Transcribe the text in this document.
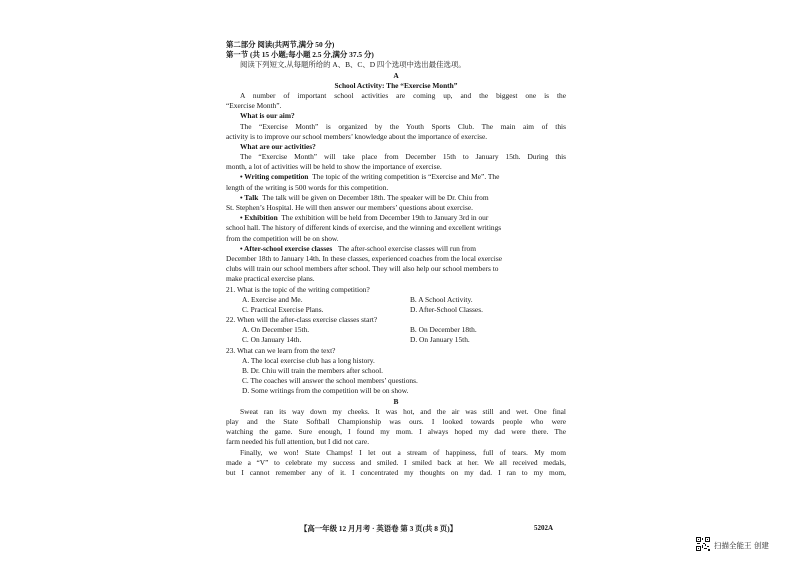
第二部分 阅读(共两节,满分 50 分)
第一节 (共 15 小题;每小题 2.5 分,满分 37.5 分)
阅读下列短文,从每题所给的 A、B、C、D 四个选项中选出最佳选项。
A
School Activity: The “Exercise Month”
A number of important school activities are coming up, and the biggest one is the
“Exercise Month”.
What is our aim?
The “Exercise Month” is organized by the Youth Sports Club. The main aim of this
activity is to improve our school members’ knowledge about the importance of exercise.
What are our activities?
The “Exercise Month” will take place from December 15th to January 15th. During this
month, a lot of activities will be held to show the importance of exercise.
• Writing competition The topic of the writing competition is “Exercise and Me”. The
length of the writing is 500 words for this competition.
• Talk The talk will be given on December 18th. The speaker will be Dr. Chiu from
St. Stephen’s Hospital. He will then answer our members’ questions about exercise.
• Exhibition The exhibition will be held from December 19th to January 3rd in our
school hall. The history of different kinds of exercise, and the winning and excellent writings
from the competition will be on show.
• After-school exercise classes The after-school exercise classes will run from
December 18th to January 14th. In these classes, experienced coaches from the local exercise
clubs will train our school members after school. They will also help our school members to
make practical exercise plans.
21. What is the topic of the writing competition?
A. Exercise and Me.	B. A School Activity.
C. Practical Exercise Plans.	D. After-School Classes.
22. When will the after-class exercise classes start?
A. On December 15th.	B. On December 18th.
C. On January 14th.	D. On January 15th.
23. What can we learn from the text?
A. The local exercise club has a long history.
B. Dr. Chiu will train the members after school.
C. The coaches will answer the school members’ questions.
D. Some writings from the competition will be on show.
B
Sweat ran its way down my cheeks. It was hot, and the air was still and wet. One final
play and the State Softball Championship was ours. I looked towards people who were
watching the game. Sure enough, I found my mom. I always hoped my dad were there. The
farm needed his full attention, but I did not care.
Finally, we won! State Champs! I let out a stream of happiness, full of tears. My mom
made a “V” to celebrate my success and smiled. I smiled back at her. We all received medals,
but I cannot remember any of it. I concentrated my thoughts on my dad. I ran to my mom,
【高一年级 12 月月考 · 英语卷 第 3 页(共 8 页)】	5202A
扫描全能王 创建
